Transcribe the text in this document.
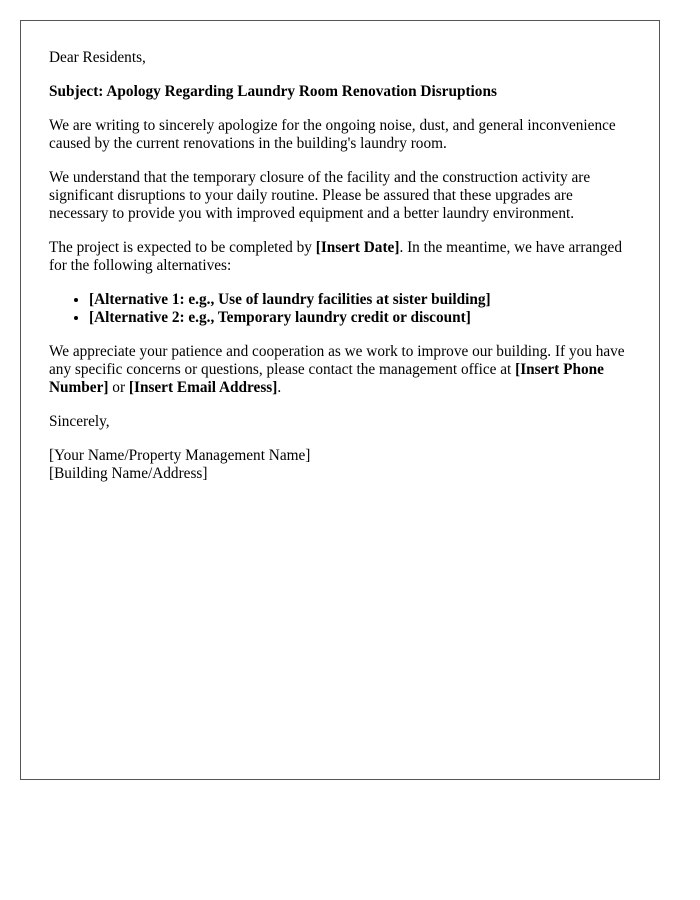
Dear Residents,

Subject: Apology Regarding Laundry Room Renovation Disruptions

We are writing to sincerely apologize for the ongoing noise, dust, and general inconvenience caused by the current renovations in the building's laundry room.

We understand that the temporary closure of the facility and the construction activity are significant disruptions to your daily routine. Please be assured that these upgrades are necessary to provide you with improved equipment and a better laundry environment.

The project is expected to be completed by [Insert Date]. In the meantime, we have arranged for the following alternatives:

• [Alternative 1: e.g., Use of laundry facilities at sister building]
• [Alternative 2: e.g., Temporary laundry credit or discount]

We appreciate your patience and cooperation as we work to improve our building. If you have any specific concerns or questions, please contact the management office at [Insert Phone Number] or [Insert Email Address].

Sincerely,

[Your Name/Property Management Name]
[Building Name/Address]
